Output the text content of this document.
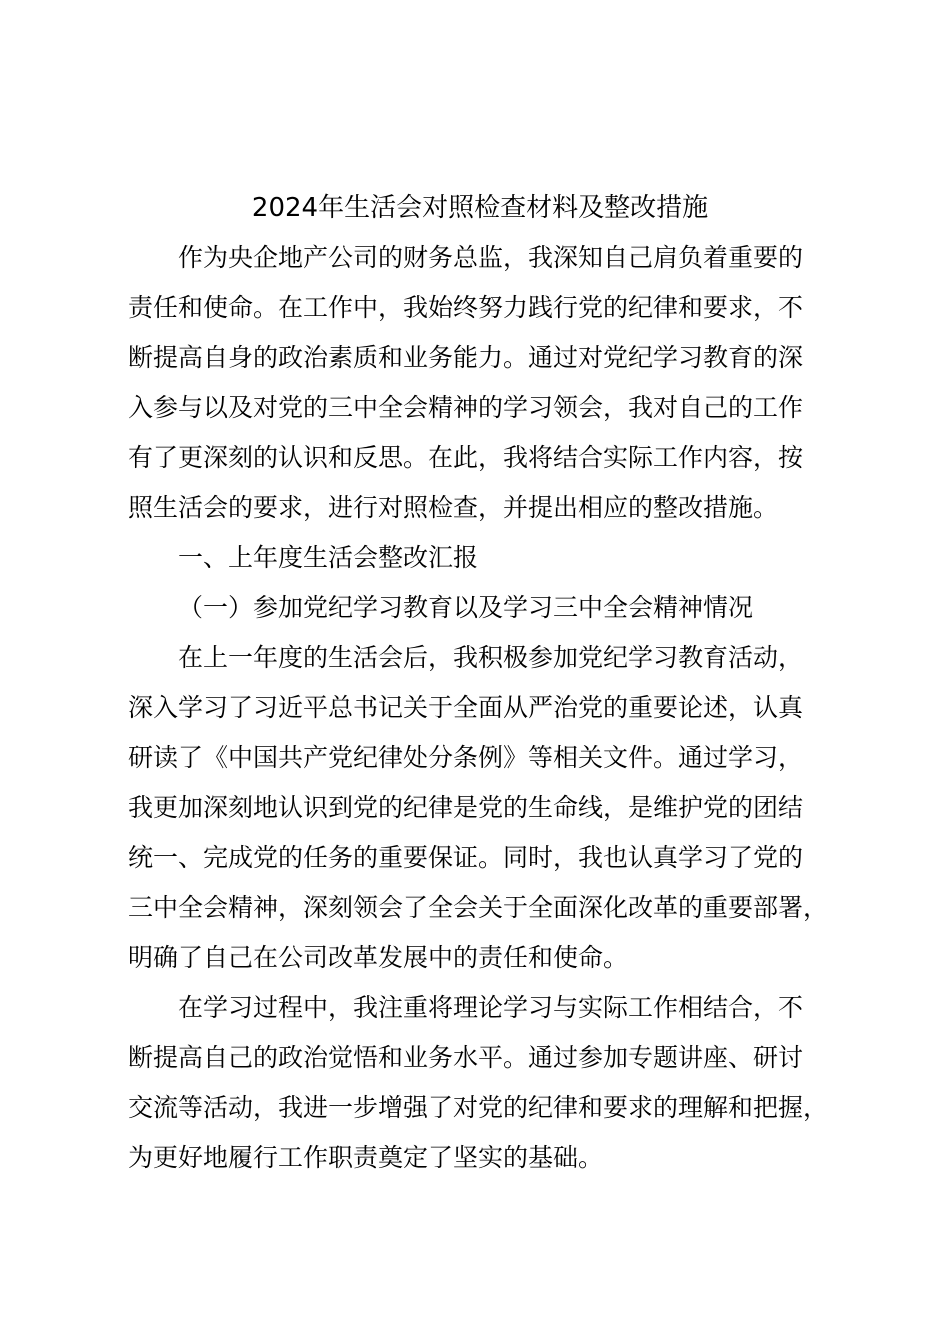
2024年生活会对照检查材料及整改措施
作为央企地产公司的财务总监，我深知自己肩负着重要的
责任和使命。在工作中，我始终努力践行党的纪律和要求，不
断提高自身的政治素质和业务能力。通过对党纪学习教育的深
入参与以及对党的三中全会精神的学习领会，我对自己的工作
有了更深刻的认识和反思。在此，我将结合实际工作内容，按
照生活会的要求，进行对照检查，并提出相应的整改措施。

一、上年度生活会整改汇报

（一）参加党纪学习教育以及学习三中全会精神情况

在上一年度的生活会后，我积极参加党纪学习教育活动，
深入学习了习近平总书记关于全面从严治党的重要论述，认真
研读了《中国共产党纪律处分条例》等相关文件。通过学习，
我更加深刻地认识到党的纪律是党的生命线，是维护党的团结
统一、完成党的任务的重要保证。同时，我也认真学习了党的
三中全会精神，深刻领会了全会关于全面深化改革的重要部署，
明确了自己在公司改革发展中的责任和使命。
在学习过程中，我注重将理论学习与实际工作相结合，不
断提高自己的政治觉悟和业务水平。通过参加专题讲座、研讨
交流等活动，我进一步增强了对党的纪律和要求的理解和把握，
为更好地履行工作职责奠定了坚实的基础。
